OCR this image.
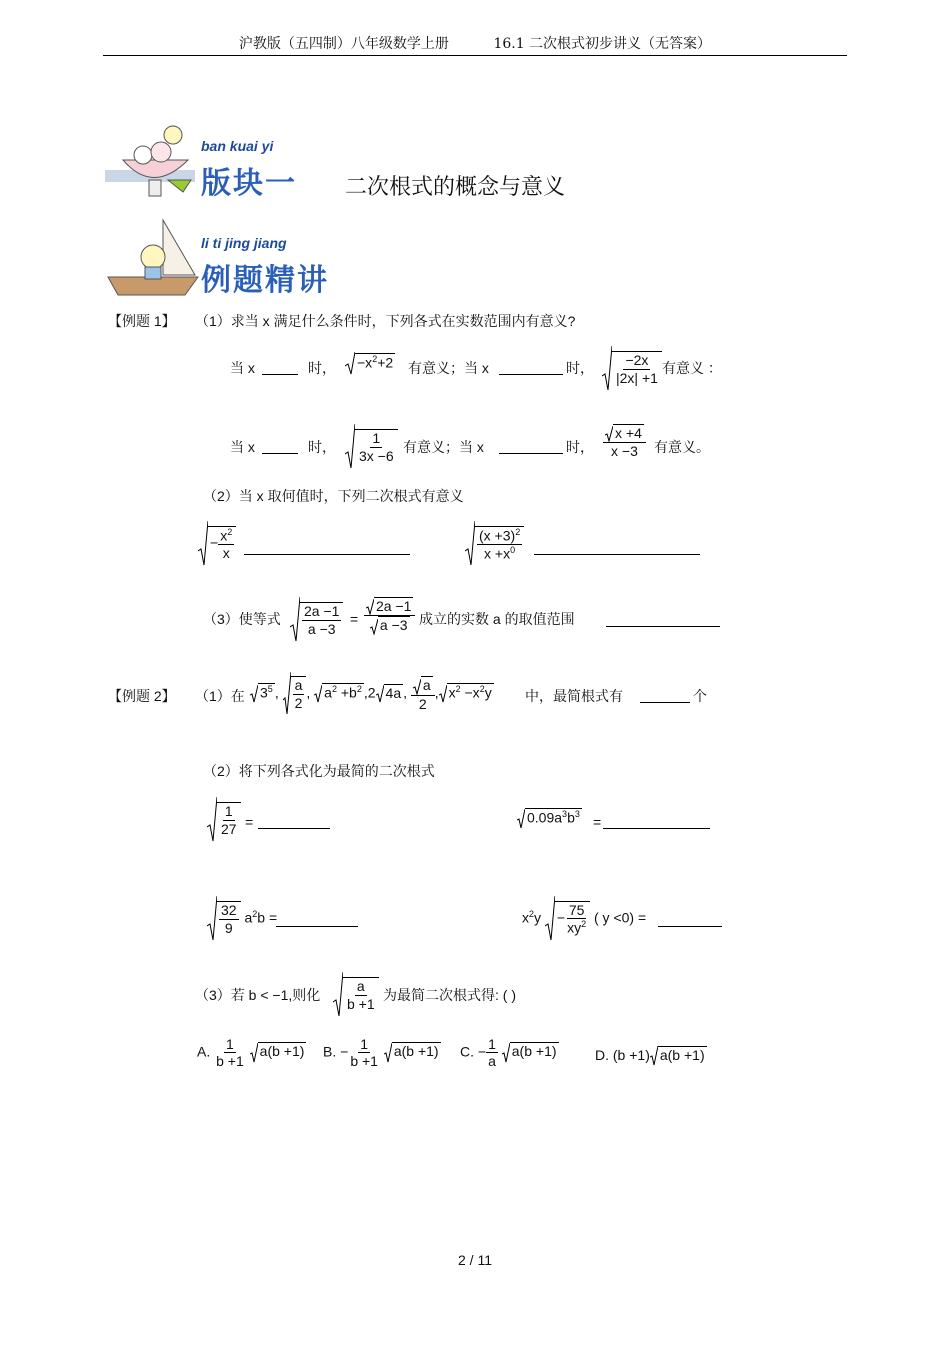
沪教版（五四制）八年级数学上册	16.1 二次根式初步讲义（无答案）
ban kuai yi
版块一 二次根式的概念与意义
li ti jing jiang
例题精讲
【例题 1】 （1）求当 x 满足什么条件时，下列各式在实数范围内有意义?
当 x	时，	$-x^2+2$ 有意义；当 x	时， $\frac{-2x}{|2x| +1}$ 有意义 ：
当 x	时， $\frac{1}{3x -6}$ 有意义；当 x	时， $\frac{x +4}{x -3}$ 有意义。
（2）当 x 取何值时，下列二次根式有意义
− $\frac{x^2}{x}$	$\frac{(x +3)^2}{x +x^0}$
（3）使等式 $\frac{2a -1}{a -3} = \frac{2a -1}{a -3}$ 成立的实数 a 的取值范围
【例题 2】 （1）在	$3^5$ , $\frac{a}{2}$ , $a^2 +b^2$ ,2 4a , $\frac{a}{2}$ , $x^2 -x^2y$ 中，最简根式有	个
（2）将下列各式化为最简的二次根式
$\frac{1}{27}$ =	$0.09a^3b^3$ =
$\frac{32}{9} a^2b$ =	$x^2y - \frac{75}{xy^2}$ ( y <0) =
（3）若 b < −1,则化 $\frac{a}{b +1}$ 为最简二次根式得: ( )
A. $\frac{1}{b +1} a(b +1) B$. − $\frac{1}{b +1} a(b +1) C$. − $\frac{1}{a} a(b +1)$	D. (b +1) a(b +1)
2 / 11
